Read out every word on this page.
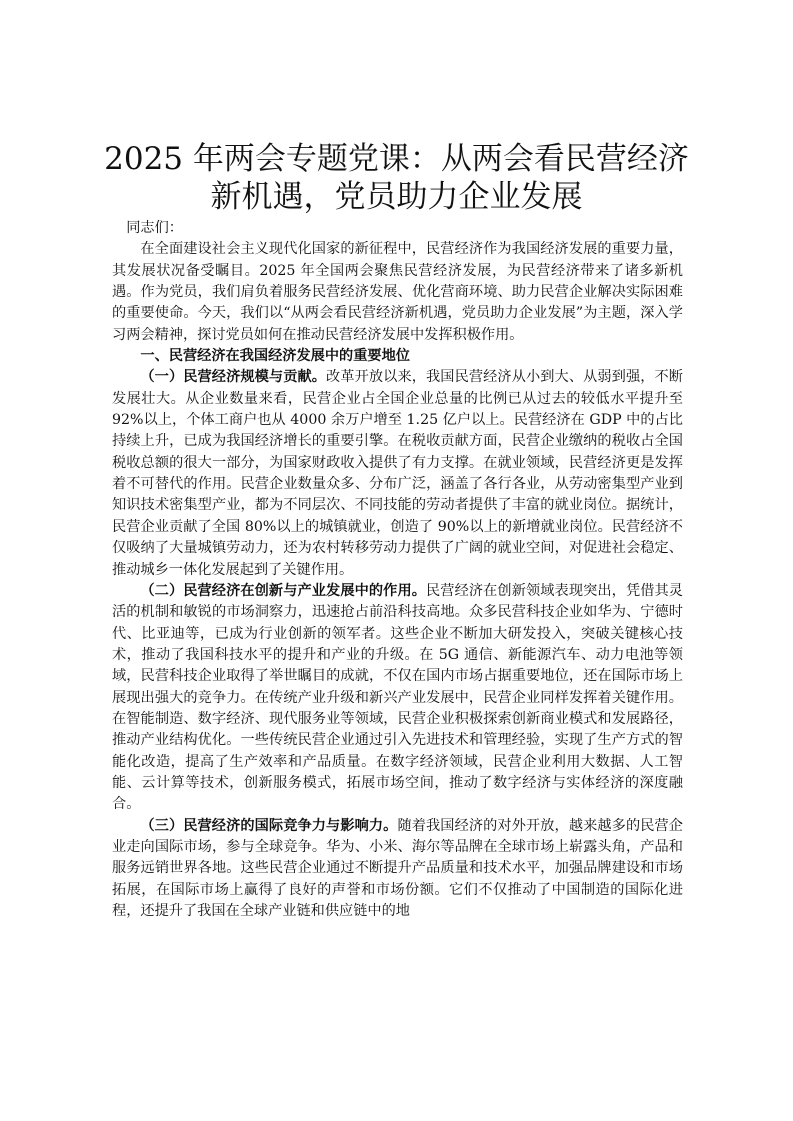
2025 年两会专题党课：从两会看民营经济新机遇，党员助力企业发展

同志们：

在全面建设社会主义现代化国家的新征程中，民营经济作为我国经济发展的重要力量，其发展状况备受瞩目。2025 年全国两会聚焦民营经济发展，为民营经济带来了诸多新机遇。作为党员，我们肩负着服务民营经济发展、优化营商环境、助力民营企业解决实际困难的重要使命。今天，我们以“从两会看民营经济新机遇，党员助力企业发展”为主题，深入学习两会精神，探讨党员如何在推动民营经济发展中发挥积极作用。

一、民营经济在我国经济发展中的重要地位

（一）民营经济规模与贡献。改革开放以来，我国民营经济从小到大、从弱到强，不断发展壮大。从企业数量来看，民营企业占全国企业总量的比例已从过去的较低水平提升至 92%以上，个体工商户也从 4000 余万户增至 1.25 亿户以上。民营经济在 GDP 中的占比持续上升，已成为我国经济增长的重要引擎。在税收贡献方面，民营企业缴纳的税收占全国税收总额的很大一部分，为国家财政收入提供了有力支撑。在就业领域，民营经济更是发挥着不可替代的作用。民营企业数量众多、分布广泛，涵盖了各行各业，从劳动密集型产业到知识技术密集型产业，都为不同层次、不同技能的劳动者提供了丰富的就业岗位。据统计，民营企业贡献了全国 80%以上的城镇就业，创造了 90%以上的新增就业岗位。民营经济不仅吸纳了大量城镇劳动力，还为农村转移劳动力提供了广阔的就业空间，对促进社会稳定、推动城乡一体化发展起到了关键作用。

（二）民营经济在创新与产业发展中的作用。民营经济在创新领域表现突出，凭借其灵活的机制和敏锐的市场洞察力，迅速抢占前沿科技高地。众多民营科技企业如华为、宁德时代、比亚迪等，已成为行业创新的领军者。这些企业不断加大研发投入，突破关键核心技术，推动了我国科技水平的提升和产业的升级。在 5G 通信、新能源汽车、动力电池等领域，民营科技企业取得了举世瞩目的成就，不仅在国内市场占据重要地位，还在国际市场上展现出强大的竞争力。在传统产业升级和新兴产业发展中，民营企业同样发挥着关键作用。在智能制造、数字经济、现代服务业等领域，民营企业积极探索创新商业模式和发展路径，推动产业结构优化。一些传统民营企业通过引入先进技术和管理经验，实现了生产方式的智能化改造，提高了生产效率和产品质量。在数字经济领域，民营企业利用大数据、人工智能、云计算等技术，创新服务模式，拓展市场空间，推动了数字经济与实体经济的深度融合。

（三）民营经济的国际竞争力与影响力。随着我国经济的对外开放，越来越多的民营企业走向国际市场，参与全球竞争。华为、小米、海尔等品牌在全球市场上崭露头角，产品和服务远销世界各地。这些民营企业通过不断提升产品质量和技术水平，加强品牌建设和市场拓展，在国际市场上赢得了良好的声誉和市场份额。它们不仅推动了中国制造的国际化进程，还提升了我国在全球产业链和供应链中的地
